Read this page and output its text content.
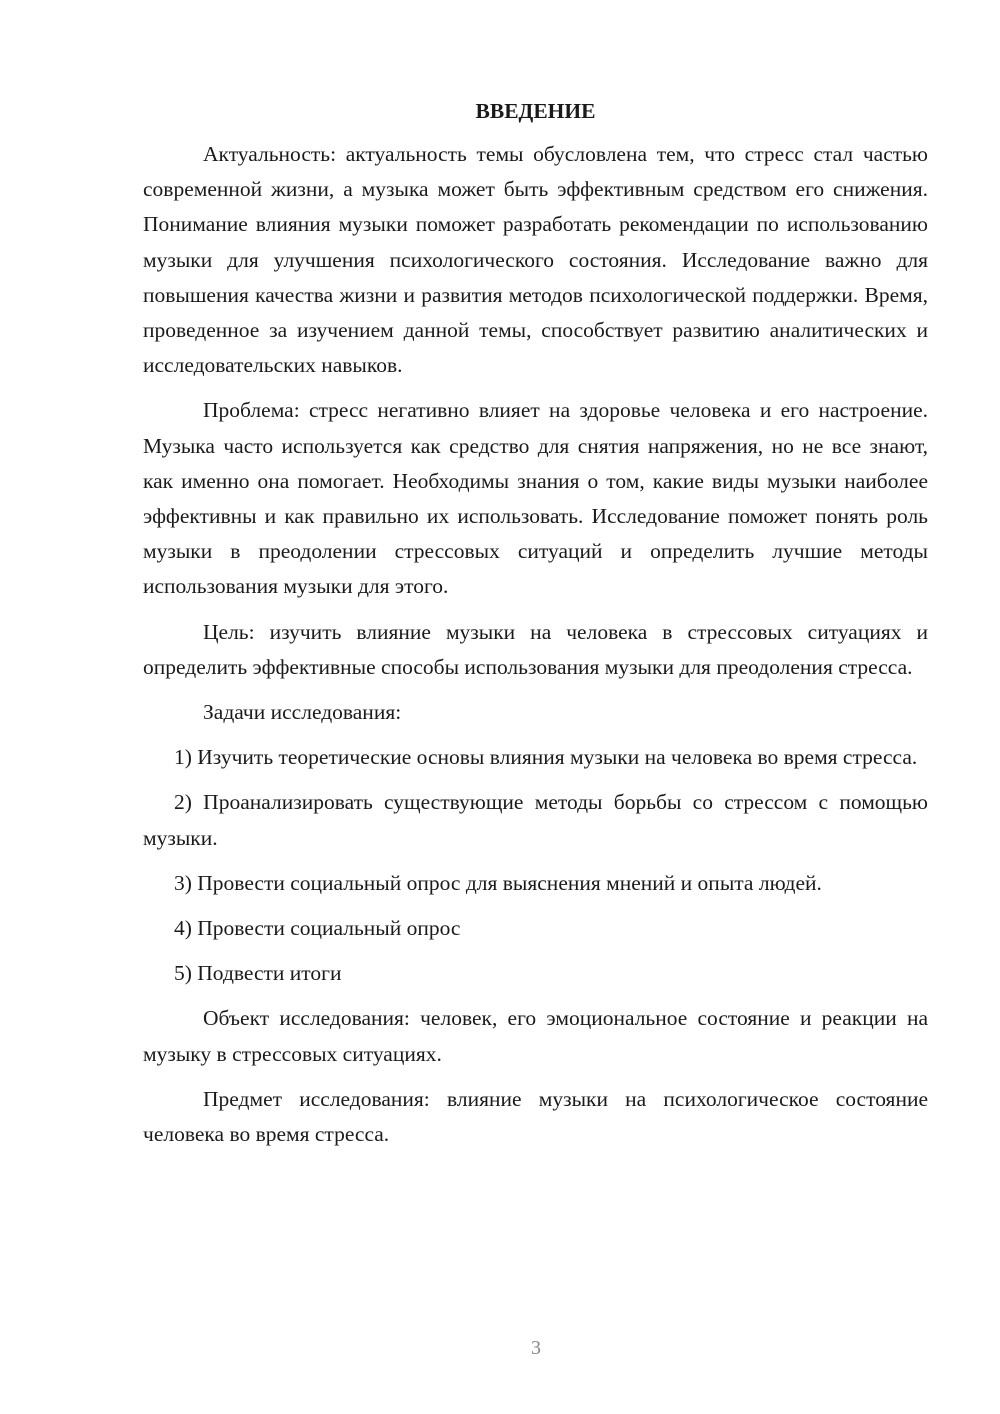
ВВЕДЕНИЕ

Актуальность: актуальность темы обусловлена тем, что стресс стал частью современной жизни, а музыка может быть эффективным средством его снижения. Понимание влияния музыки поможет разработать рекомендации по использованию музыки для улучшения психологического состояния. Исследование важно для повышения качества жизни и развития методов психологической поддержки. Время, проведенное за изучением данной темы, способствует развитию аналитических и исследовательских навыков.

Проблема: стресс негативно влияет на здоровье человека и его настроение. Музыка часто используется как средство для снятия напряжения, но не все знают, как именно она помогает. Необходимы знания о том, какие виды музыки наиболее эффективны и как правильно их использовать. Исследование поможет понять роль музыки в преодолении стрессовых ситуаций и определить лучшие методы использования музыки для этого.

Цель: изучить влияние музыки на человека в стрессовых ситуациях и определить эффективные способы использования музыки для преодоления стресса.

Задачи исследования:

1) Изучить теоретические основы влияния музыки на человека во время стресса.

2) Проанализировать существующие методы борьбы со стрессом с помощью музыки.

3) Провести социальный опрос для выяснения мнений и опыта людей.

4) Провести социальный опрос

5) Подвести итоги

Объект исследования: человек, его эмоциональное состояние и реакции на музыку в стрессовых ситуациях.

Предмет исследования: влияние музыки на психологическое состояние человека во время стресса.

3
